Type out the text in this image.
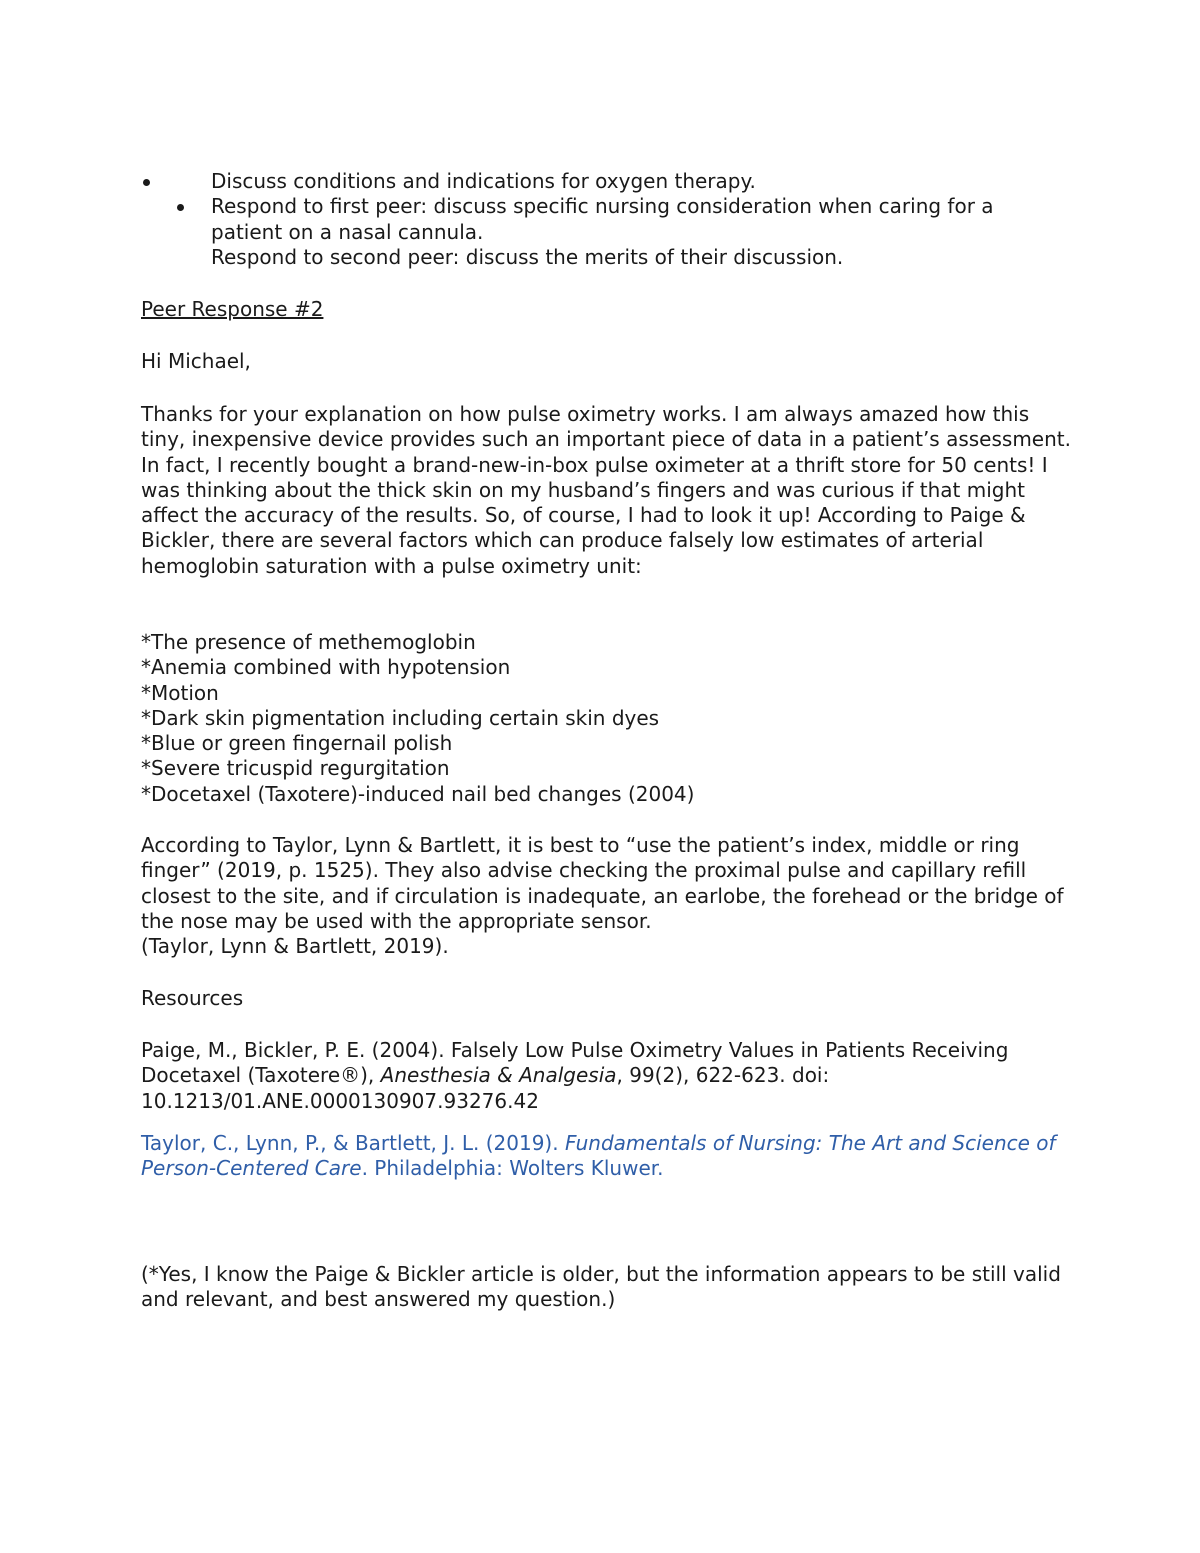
Discuss conditions and indications for oxygen therapy.
Respond to first peer: discuss specific nursing consideration when caring for a
patient on a nasal cannula.
Respond to second peer: discuss the merits of their discussion.
Peer Response #2
Hi Michael,
Thanks for your explanation on how pulse oximetry works. I am always amazed how this tiny, inexpensive device provides such an important piece of data in a patient’s assessment. In fact, I recently bought a brand-new-in-box pulse oximeter at a thrift store for 50 cents! I was thinking about the thick skin on my husband’s fingers and was curious if that might affect the accuracy of the results. So, of course, I had to look it up! According to Paige & Bickler, there are several factors which can produce falsely low estimates of arterial hemoglobin saturation with a pulse oximetry unit:
*The presence of methemoglobin
*Anemia combined with hypotension
*Motion
*Dark skin pigmentation including certain skin dyes
*Blue or green fingernail polish
*Severe tricuspid regurgitation
*Docetaxel (Taxotere)-induced nail bed changes (2004)
According to Taylor, Lynn & Bartlett, it is best to “use the patient’s index, middle or ring finger” (2019, p. 1525). They also advise checking the proximal pulse and capillary refill closest to the site, and if circulation is inadequate, an earlobe, the forehead or the bridge of the nose may be used with the appropriate sensor.
(Taylor, Lynn & Bartlett, 2019).
Resources
Paige, M., Bickler, P. E. (2004). Falsely Low Pulse Oximetry Values in Patients Receiving Docetaxel (Taxotere®), Anesthesia & Analgesia, 99(2), 622-623. doi: 10.1213/01.ANE.0000130907.93276.42
Taylor, C., Lynn, P., & Bartlett, J. L. (2019). Fundamentals of Nursing: The Art and Science of Person-Centered Care. Philadelphia: Wolters Kluwer.
(*Yes, I know the Paige & Bickler article is older, but the information appears to be still valid and relevant, and best answered my question.)
